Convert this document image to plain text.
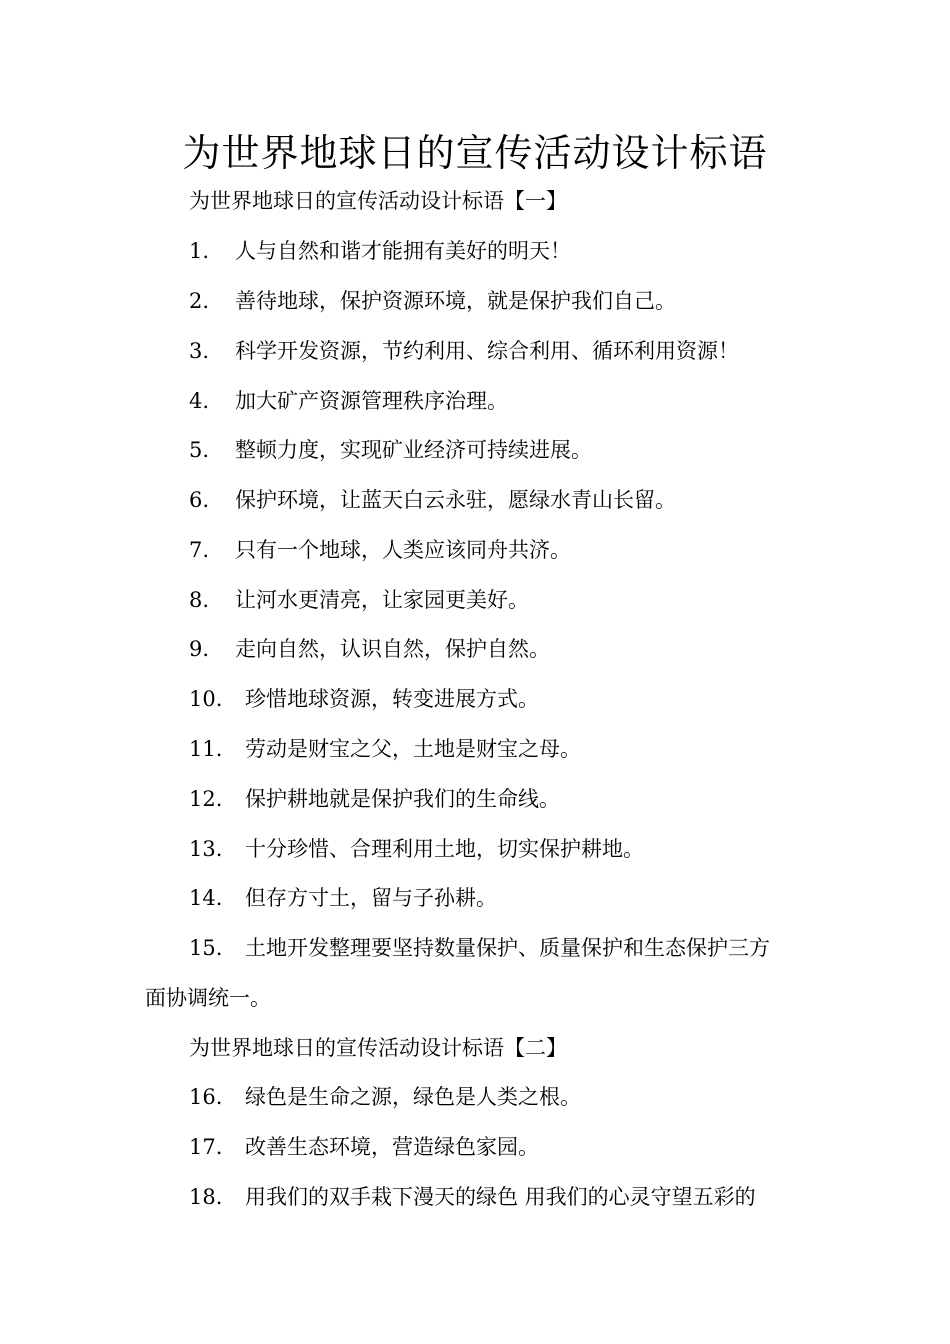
为世界地球日的宣传活动设计标语
为世界地球日的宣传活动设计标语【一】
1. 人与自然和谐才能拥有美好的明天！
2. 善待地球，保护资源环境，就是保护我们自己。
3. 科学开发资源，节约利用、综合利用、循环利用资源！
4. 加大矿产资源管理秩序治理。
5. 整顿力度，实现矿业经济可持续进展。
6. 保护环境，让蓝天白云永驻，愿绿水青山长留。
7. 只有一个地球，人类应该同舟共济。
8. 让河水更清亮，让家园更美好。
9. 走向自然，认识自然，保护自然。
10. 珍惜地球资源，转变进展方式。
11. 劳动是财宝之父，土地是财宝之母。
12. 保护耕地就是保护我们的生命线。
13. 十分珍惜、合理利用土地，切实保护耕地。
14. 但存方寸土，留与子孙耕。
15. 土地开发整理要坚持数量保护、质量保护和生态保护三方
面协调统一。
为世界地球日的宣传活动设计标语【二】
16. 绿色是生命之源，绿色是人类之根。
17. 改善生态环境，营造绿色家园。
18. 用我们的双手栽下漫天的绿色 用我们的心灵守望五彩的
